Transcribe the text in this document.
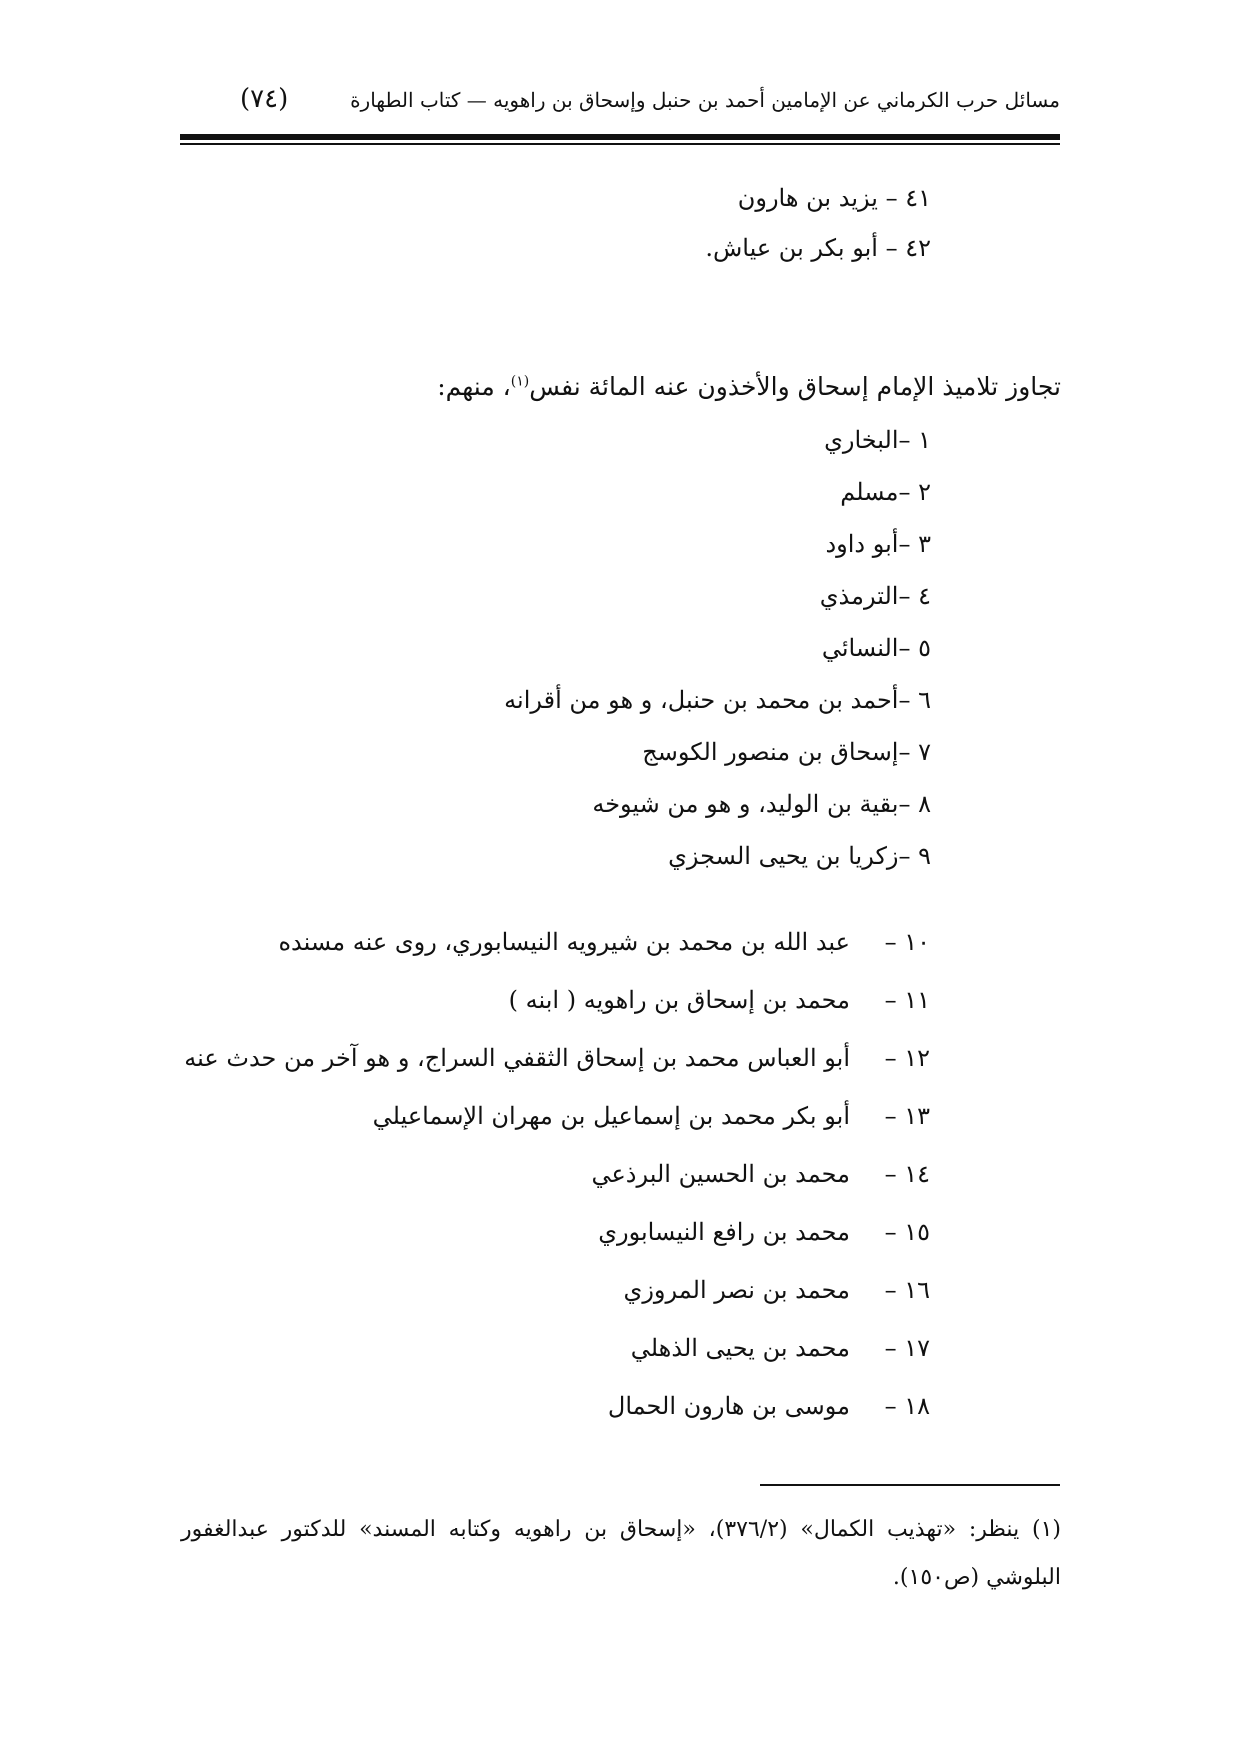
مسائل حرب الكرماني عن الإمامين أحمد بن حنبل وإسحاق بن راهويه — كتاب الطهارة
(٧٤)
٤١ – يزيد بن هارون
٤٢ – أبو بكر بن عياش.
تجاوز تلاميذ الإمام إسحاق والأخذون عنه المائة نفس$^{(١)}$، منهم:
١ –البخاري
٢ –مسلم
٣ –أبو داود
٤ –الترمذي
٥ –النسائي
٦ –أحمد بن محمد بن حنبل، و هو من أقرانه
٧ –إسحاق بن منصور الكوسج
٨ –بقية بن الوليد، و هو من شيوخه
٩ –زكريا بن يحيى السجزي
١٠ –
عبد الله بن محمد بن شيرويه النيسابوري، روى عنه مسنده
١١ –
محمد بن إسحاق بن راهويه ( ابنه )
١٢ –
أبو العباس محمد بن إسحاق الثقفي السراج، و هو آخر من حدث عنه
١٣ –
أبو بكر محمد بن إسماعيل بن مهران الإسماعيلي
١٤ –
محمد بن الحسين البرذعي
١٥ –
محمد بن رافع النيسابوري
١٦ –
محمد بن نصر المروزي
١٧ –
محمد بن يحيى الذهلي
١٨ –
موسى بن هارون الحمال
(١) ينظر: «تهذيب الكمال» (٣٧٦/٢)، «إسحاق بن راهويه وكتابه المسند» للدكتور عبدالغفور البلوشي (ص١٥٠).
